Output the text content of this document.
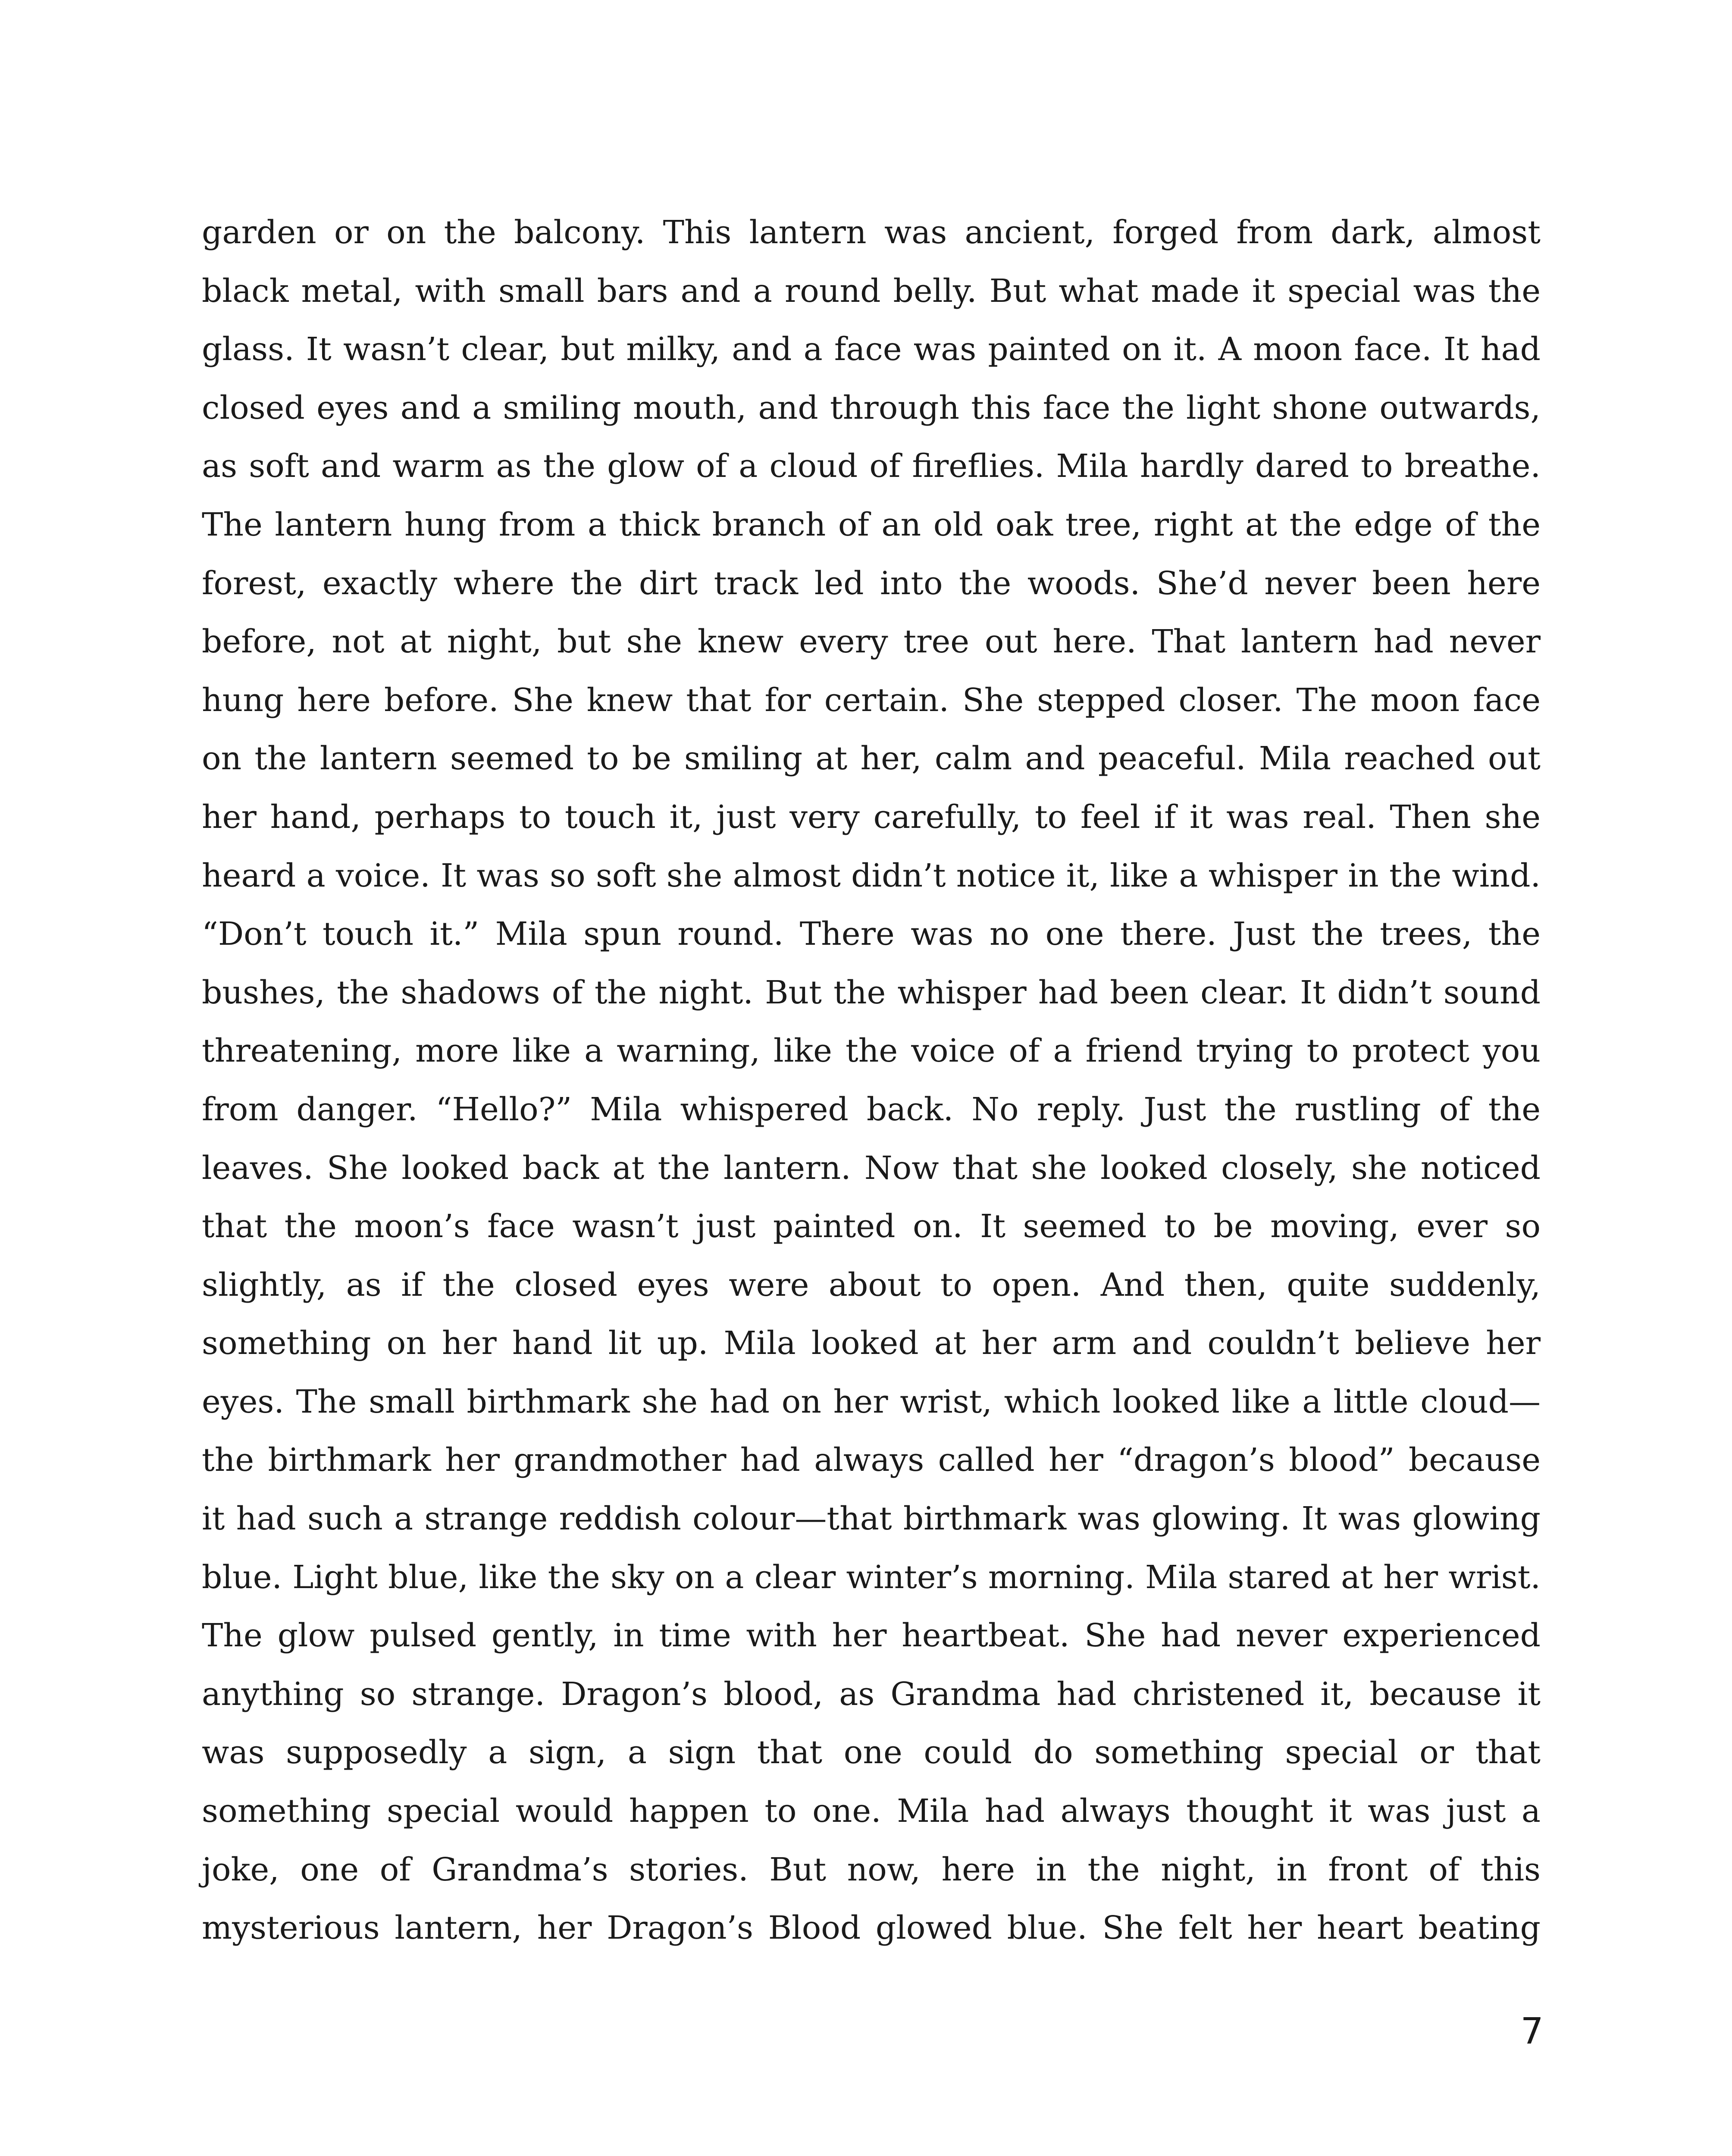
garden or on the balcony. This lantern was ancient, forged from dark, almost
black metal, with small bars and a round belly. But what made it special was the
glass. It wasn’t clear, but milky, and a face was painted on it. A moon face. It had
closed eyes and a smiling mouth, and through this face the light shone outwards,
as soft and warm as the glow of a cloud of fireflies. Mila hardly dared to breathe.
The lantern hung from a thick branch of an old oak tree, right at the edge of the
forest, exactly where the dirt track led into the woods. She’d never been here
before, not at night, but she knew every tree out here. That lantern had never
hung here before. She knew that for certain. She stepped closer. The moon face
on the lantern seemed to be smiling at her, calm and peaceful. Mila reached out
her hand, perhaps to touch it, just very carefully, to feel if it was real. Then she
heard a voice. It was so soft she almost didn’t notice it, like a whisper in the wind.
“Don’t touch it.” Mila spun round. There was no one there. Just the trees, the
bushes, the shadows of the night. But the whisper had been clear. It didn’t sound
threatening, more like a warning, like the voice of a friend trying to protect you
from danger. “Hello?” Mila whispered back. No reply. Just the rustling of the
leaves. She looked back at the lantern. Now that she looked closely, she noticed
that the moon’s face wasn’t just painted on. It seemed to be moving, ever so
slightly, as if the closed eyes were about to open. And then, quite suddenly,
something on her hand lit up. Mila looked at her arm and couldn’t believe her
eyes. The small birthmark she had on her wrist, which looked like a little cloud—
the birthmark her grandmother had always called her “dragon’s blood” because
it had such a strange reddish colour—that birthmark was glowing. It was glowing
blue. Light blue, like the sky on a clear winter’s morning. Mila stared at her wrist.
The glow pulsed gently, in time with her heartbeat. She had never experienced
anything so strange. Dragon’s blood, as Grandma had christened it, because it
was supposedly a sign, a sign that one could do something special or that
something special would happen to one. Mila had always thought it was just a
joke, one of Grandma’s stories. But now, here in the night, in front of this
mysterious lantern, her Dragon’s Blood glowed blue. She felt her heart beating
7
